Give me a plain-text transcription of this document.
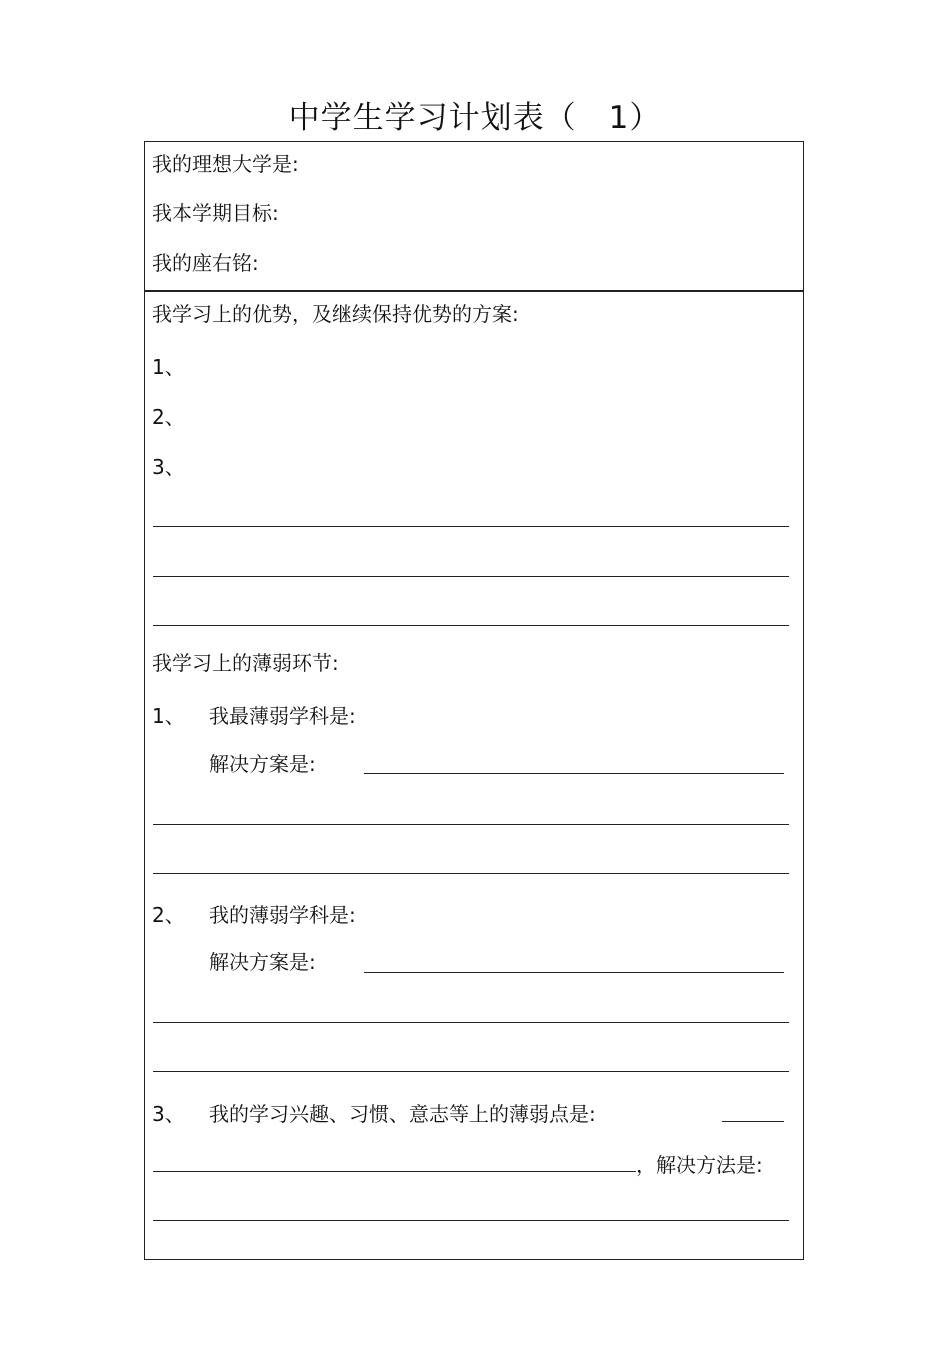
中学生学习计划表（　1）
我的理想大学是:
我本学期目标:
我的座右铭:
我学习上的优势，及继续保持优势的方案:
1、
2、
3、
我学习上的薄弱环节:
1、 我最薄弱学科是:
解决方案是:
2、 我的薄弱学科是:
解决方案是:
3、 我的学习兴趣、习惯、意志等上的薄弱点是:
，解决方法是:
